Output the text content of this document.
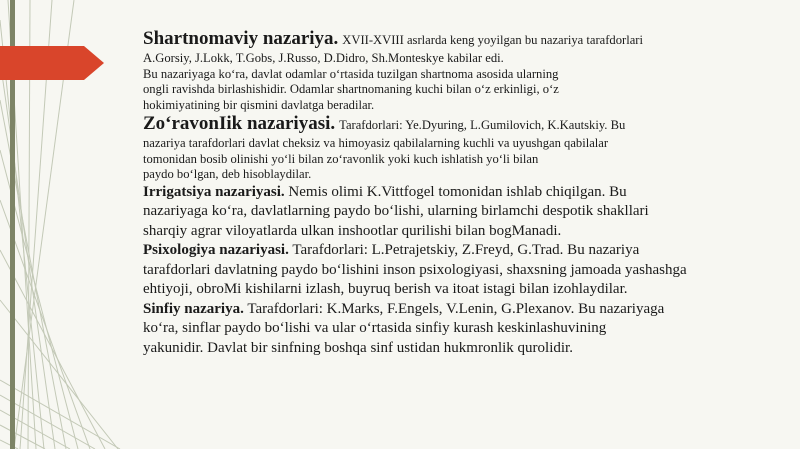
Shartnomaviy nazariya. XVII-XVIII asrlarda keng yoyilgan bu nazariya tarafdorlari
A.Gorsiy, J.Lokk, T.Gobs, J.Russo, D.Didro, Sh.Monteskye kabilar edi.
Bu nazariyaga ko‘ra, davlat odamlar o‘rtasida tuzilgan shartnoma asosida ularning
ongli ravishda birlashishidir. Odamlar shartnomaning kuchi bilan o‘z erkinligi, o‘z
hokimiyatining bir qismini davlatga beradilar.
Zo‘ravonIik nazariyasi. Tarafdorlari: Ye.Dyuring, L.Gumilovich, K.Kautskiy. Bu
nazariya tarafdorlari davlat cheksiz va himoyasiz qabilalarning kuchli va uyushgan qabilalar
tomonidan bosib olinishi yo‘li bilan zo‘ravonlik yoki kuch ishlatish yo‘li bilan
paydo bo‘lgan, deb hisoblaydilar.
Irrigatsiya nazariyasi. Nemis olimi K.Vittfogel tomonidan ishlab chiqilgan. Bu
nazariyaga ko‘ra, davlatlarning paydo bo‘lishi, ularning birlamchi despotik shakllari
sharqiy agrar viloyatlarda ulkan inshootlar qurilishi bilan bogManadi.
Psixologiya nazariyasi. Tarafdorlari: L.Petrajetskiy, Z.Freyd, G.Trad. Bu nazariya
tarafdorlari davlatning paydo bo‘lishini inson psixologiyasi, shaxsning jamoada yashashga
ehtiyoji, obroMi kishilarni izlash, buyruq berish va itoat istagi bilan izohlaydilar.
Sinfiy nazariya. Tarafdorlari: K.Marks, F.Engels, V.Lenin, G.Plexanov. Bu nazariyaga
ko‘ra, sinflar paydo bo‘lishi va ular o‘rtasida sinfiy kurash keskinlashuvining
yakunidir. Davlat bir sinfning boshqa sinf ustidan hukmronlik qurolidir.
